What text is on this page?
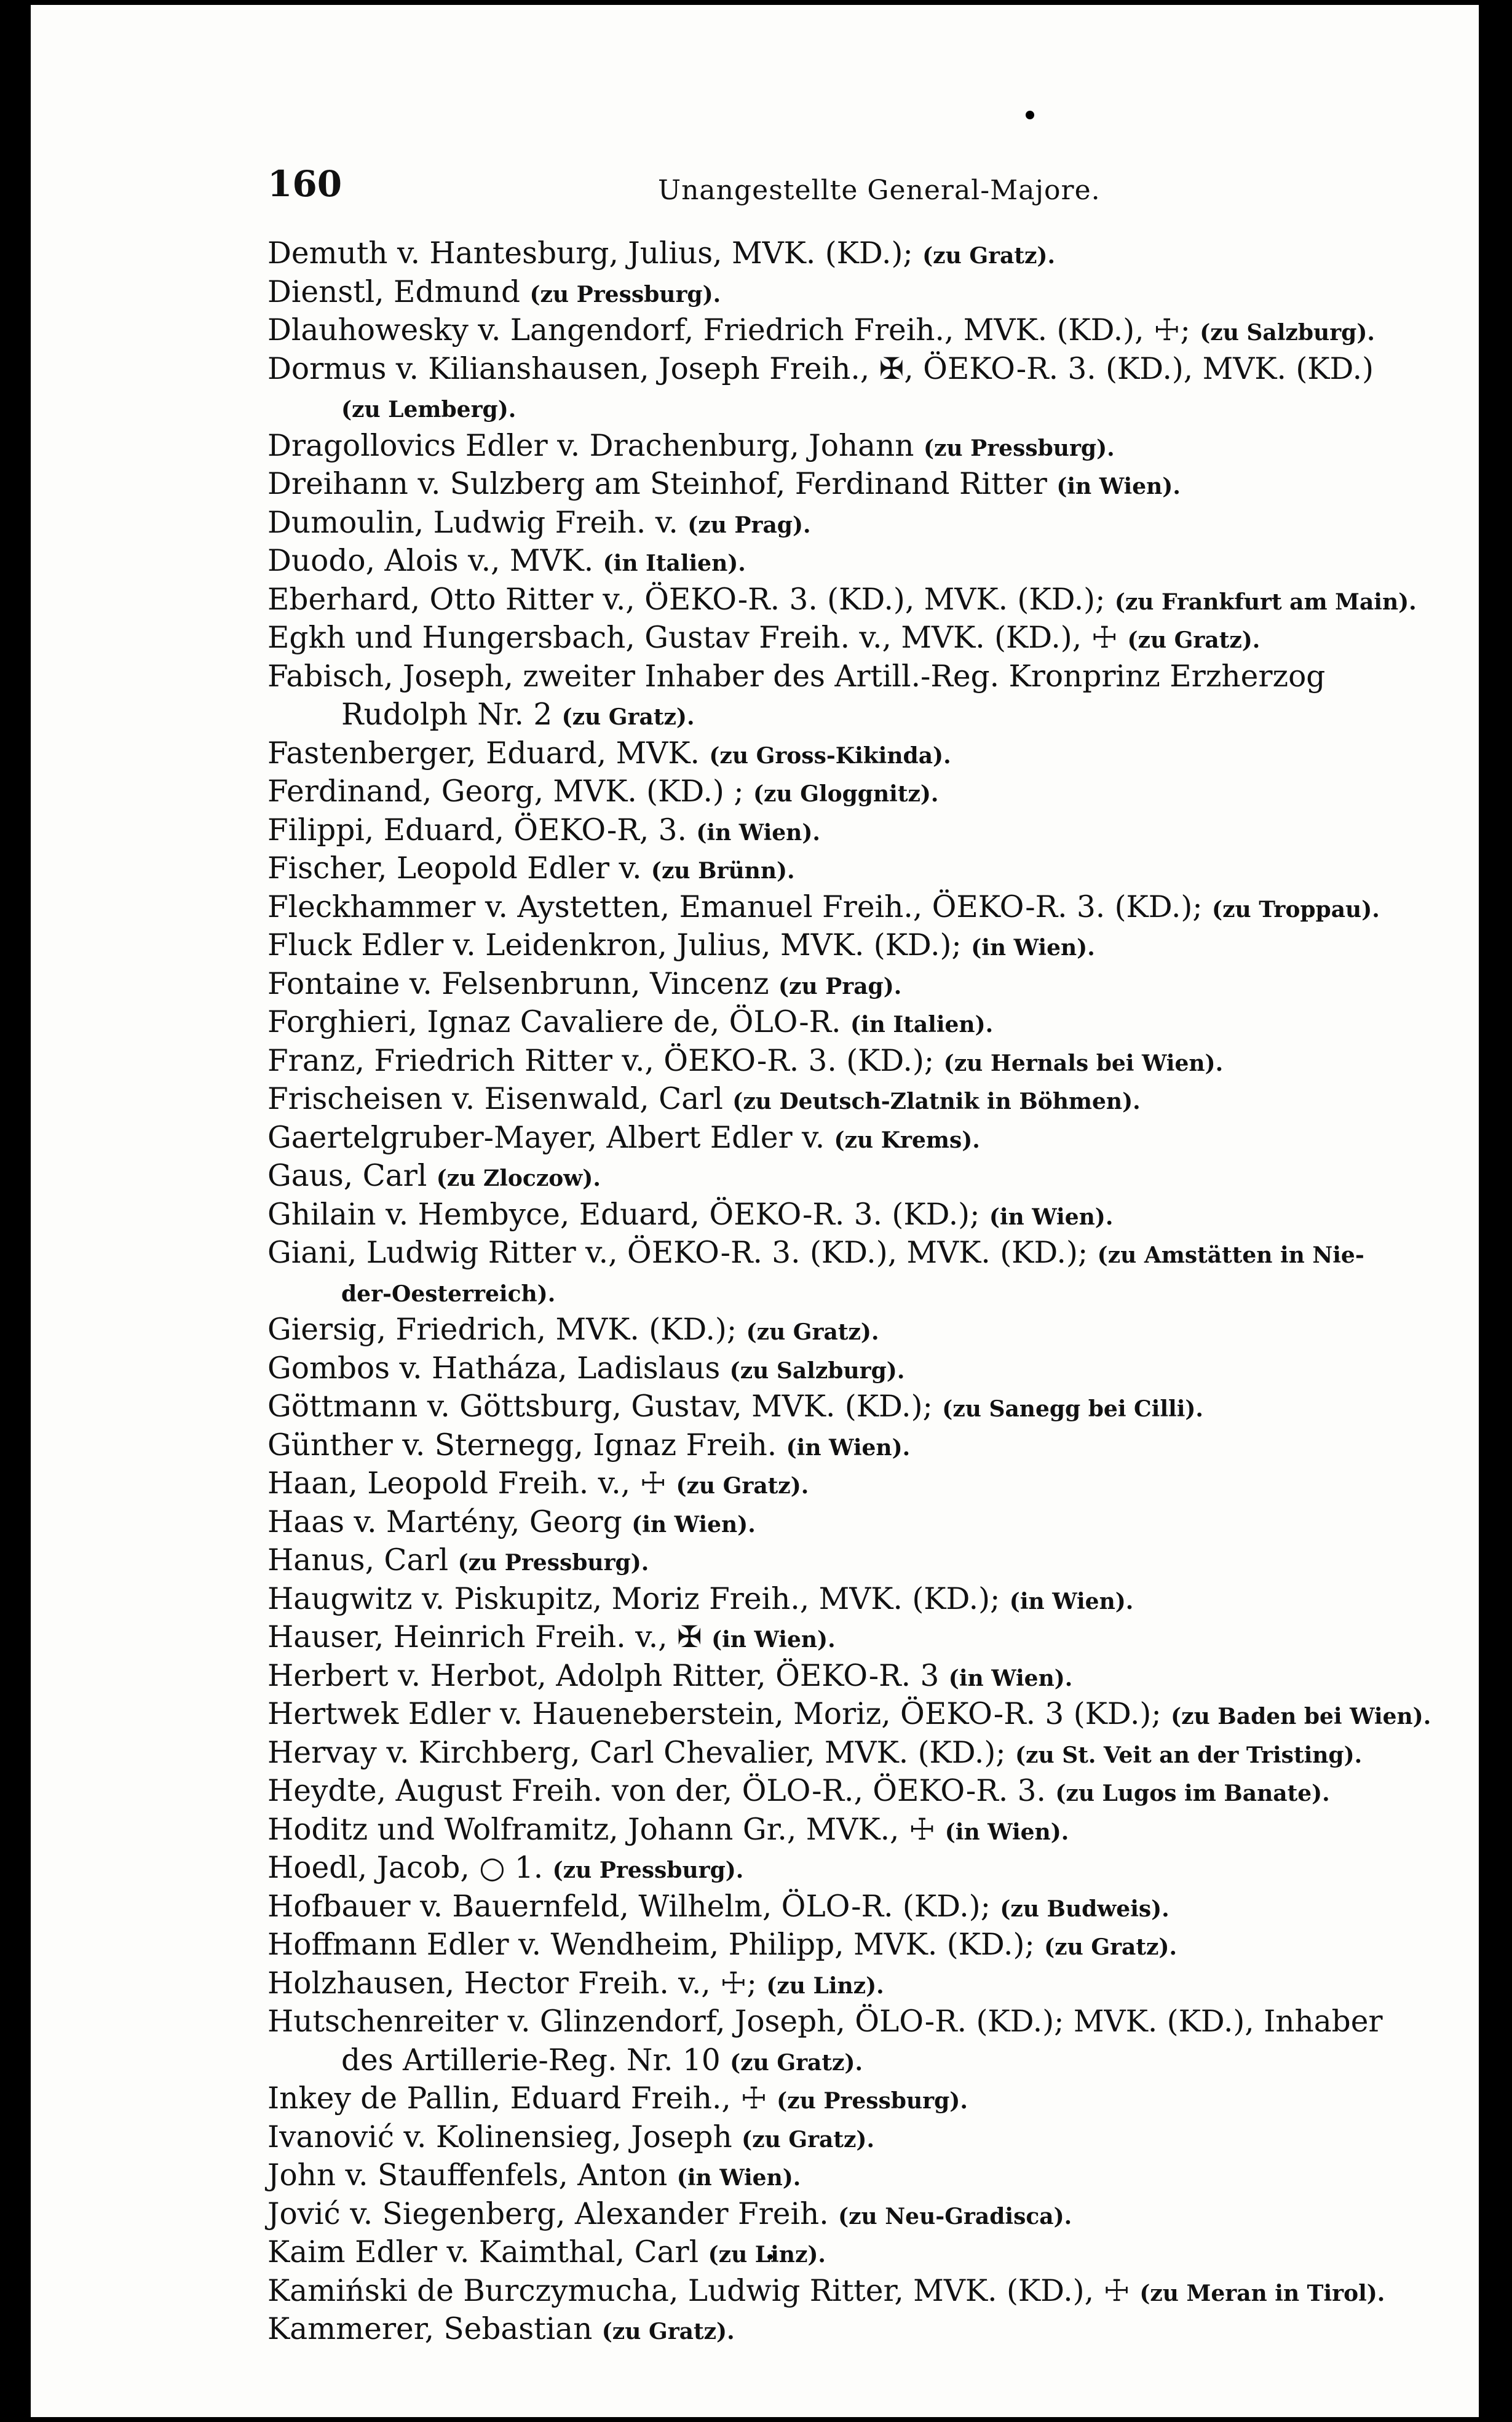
160	Unangestellte General-Majore.
Demuth v. Hantesburg, Julius, MVK. (KD.); (zu Gratz).
Dienstl, Edmund (zu Pressburg).
Dlauhowesky v. Langendorf, Friedrich Freih., MVK. (KD.), ☩; (zu Salzburg).
Dormus v. Kilianshausen, Joseph Freih., ✠, ÖEKO-R. 3. (KD.), MVK. (KD.)
(zu Lemberg).
Dragollovics Edler v. Drachenburg, Johann (zu Pressburg).
Dreihann v. Sulzberg am Steinhof, Ferdinand Ritter (in Wien).
Dumoulin, Ludwig Freih. v. (zu Prag).
Duodo, Alois v., MVK. (in Italien).
Eberhard, Otto Ritter v., ÖEKO-R. 3. (KD.), MVK. (KD.); (zu Frankfurt am Main).
Egkh und Hungersbach, Gustav Freih. v., MVK. (KD.), ☩ (zu Gratz).
Fabisch, Joseph, zweiter Inhaber des Artill.-Reg. Kronprinz Erzherzog
Rudolph Nr. 2 (zu Gratz).
Fastenberger, Eduard, MVK. (zu Gross-Kikinda).
Ferdinand, Georg, MVK. (KD.) ; (zu Gloggnitz).
Filippi, Eduard, ÖEKO-R, 3. (in Wien).
Fischer, Leopold Edler v. (zu Brünn).
Fleckhammer v. Aystetten, Emanuel Freih., ÖEKO-R. 3. (KD.); (zu Troppau).
Fluck Edler v. Leidenkron, Julius, MVK. (KD.); (in Wien).
Fontaine v. Felsenbrunn, Vincenz (zu Prag).
Forghieri, Ignaz Cavaliere de, ÖLO-R. (in Italien).
Franz, Friedrich Ritter v., ÖEKO-R. 3. (KD.); (zu Hernals bei Wien).
Frischeisen v. Eisenwald, Carl (zu Deutsch-Zlatnik in Böhmen).
Gaertelgruber-Mayer, Albert Edler v. (zu Krems).
Gaus, Carl (zu Zloczow).
Ghilain v. Hembyce, Eduard, ÖEKO-R. 3. (KD.); (in Wien).
Giani, Ludwig Ritter v., ÖEKO-R. 3. (KD.), MVK. (KD.); (zu Amstätten in Nie-
der-Oesterreich).
Giersig, Friedrich, MVK. (KD.); (zu Gratz).
Gombos v. Hatháza, Ladislaus (zu Salzburg).
Göttmann v. Göttsburg, Gustav, MVK. (KD.); (zu Sanegg bei Cilli).
Günther v. Sternegg, Ignaz Freih. (in Wien).
Haan, Leopold Freih. v., ☩ (zu Gratz).
Haas v. Martény, Georg (in Wien).
Hanus, Carl (zu Pressburg).
Haugwitz v. Piskupitz, Moriz Freih., MVK. (KD.); (in Wien).
Hauser, Heinrich Freih. v., ✠ (in Wien).
Herbert v. Herbot, Adolph Ritter, ÖEKO-R. 3 (in Wien).
Hertwek Edler v. Haueneberstein, Moriz, ÖEKO-R. 3 (KD.); (zu Baden bei Wien).
Hervay v. Kirchberg, Carl Chevalier, MVK. (KD.); (zu St. Veit an der Tristing).
Heydte, August Freih. von der, ÖLO-R., ÖEKO-R. 3. (zu Lugos im Banate).
Hoditz und Wolframitz, Johann Gr., MVK., ☩ (in Wien).
Hoedl, Jacob, ○ 1. (zu Pressburg).
Hofbauer v. Bauernfeld, Wilhelm, ÖLO-R. (KD.); (zu Budweis).
Hoffmann Edler v. Wendheim, Philipp, MVK. (KD.); (zu Gratz).
Holzhausen, Hector Freih. v., ☩; (zu Linz).
Hutschenreiter v. Glinzendorf, Joseph, ÖLO-R. (KD.); MVK. (KD.), Inhaber
des Artillerie-Reg. Nr. 10 (zu Gratz).
Inkey de Pallin, Eduard Freih., ☩ (zu Pressburg).
Ivanović v. Kolinensieg, Joseph (zu Gratz).
John v. Stauffenfels, Anton (in Wien).
Jović v. Siegenberg, Alexander Freih. (zu Neu-Gradisca).
Kaim Edler v. Kaimthal, Carl (zu Linz).
Kamiński de Burczymucha, Ludwig Ritter, MVK. (KD.), ☩ (zu Meran in Tirol).
Kammerer, Sebastian (zu Gratz).
